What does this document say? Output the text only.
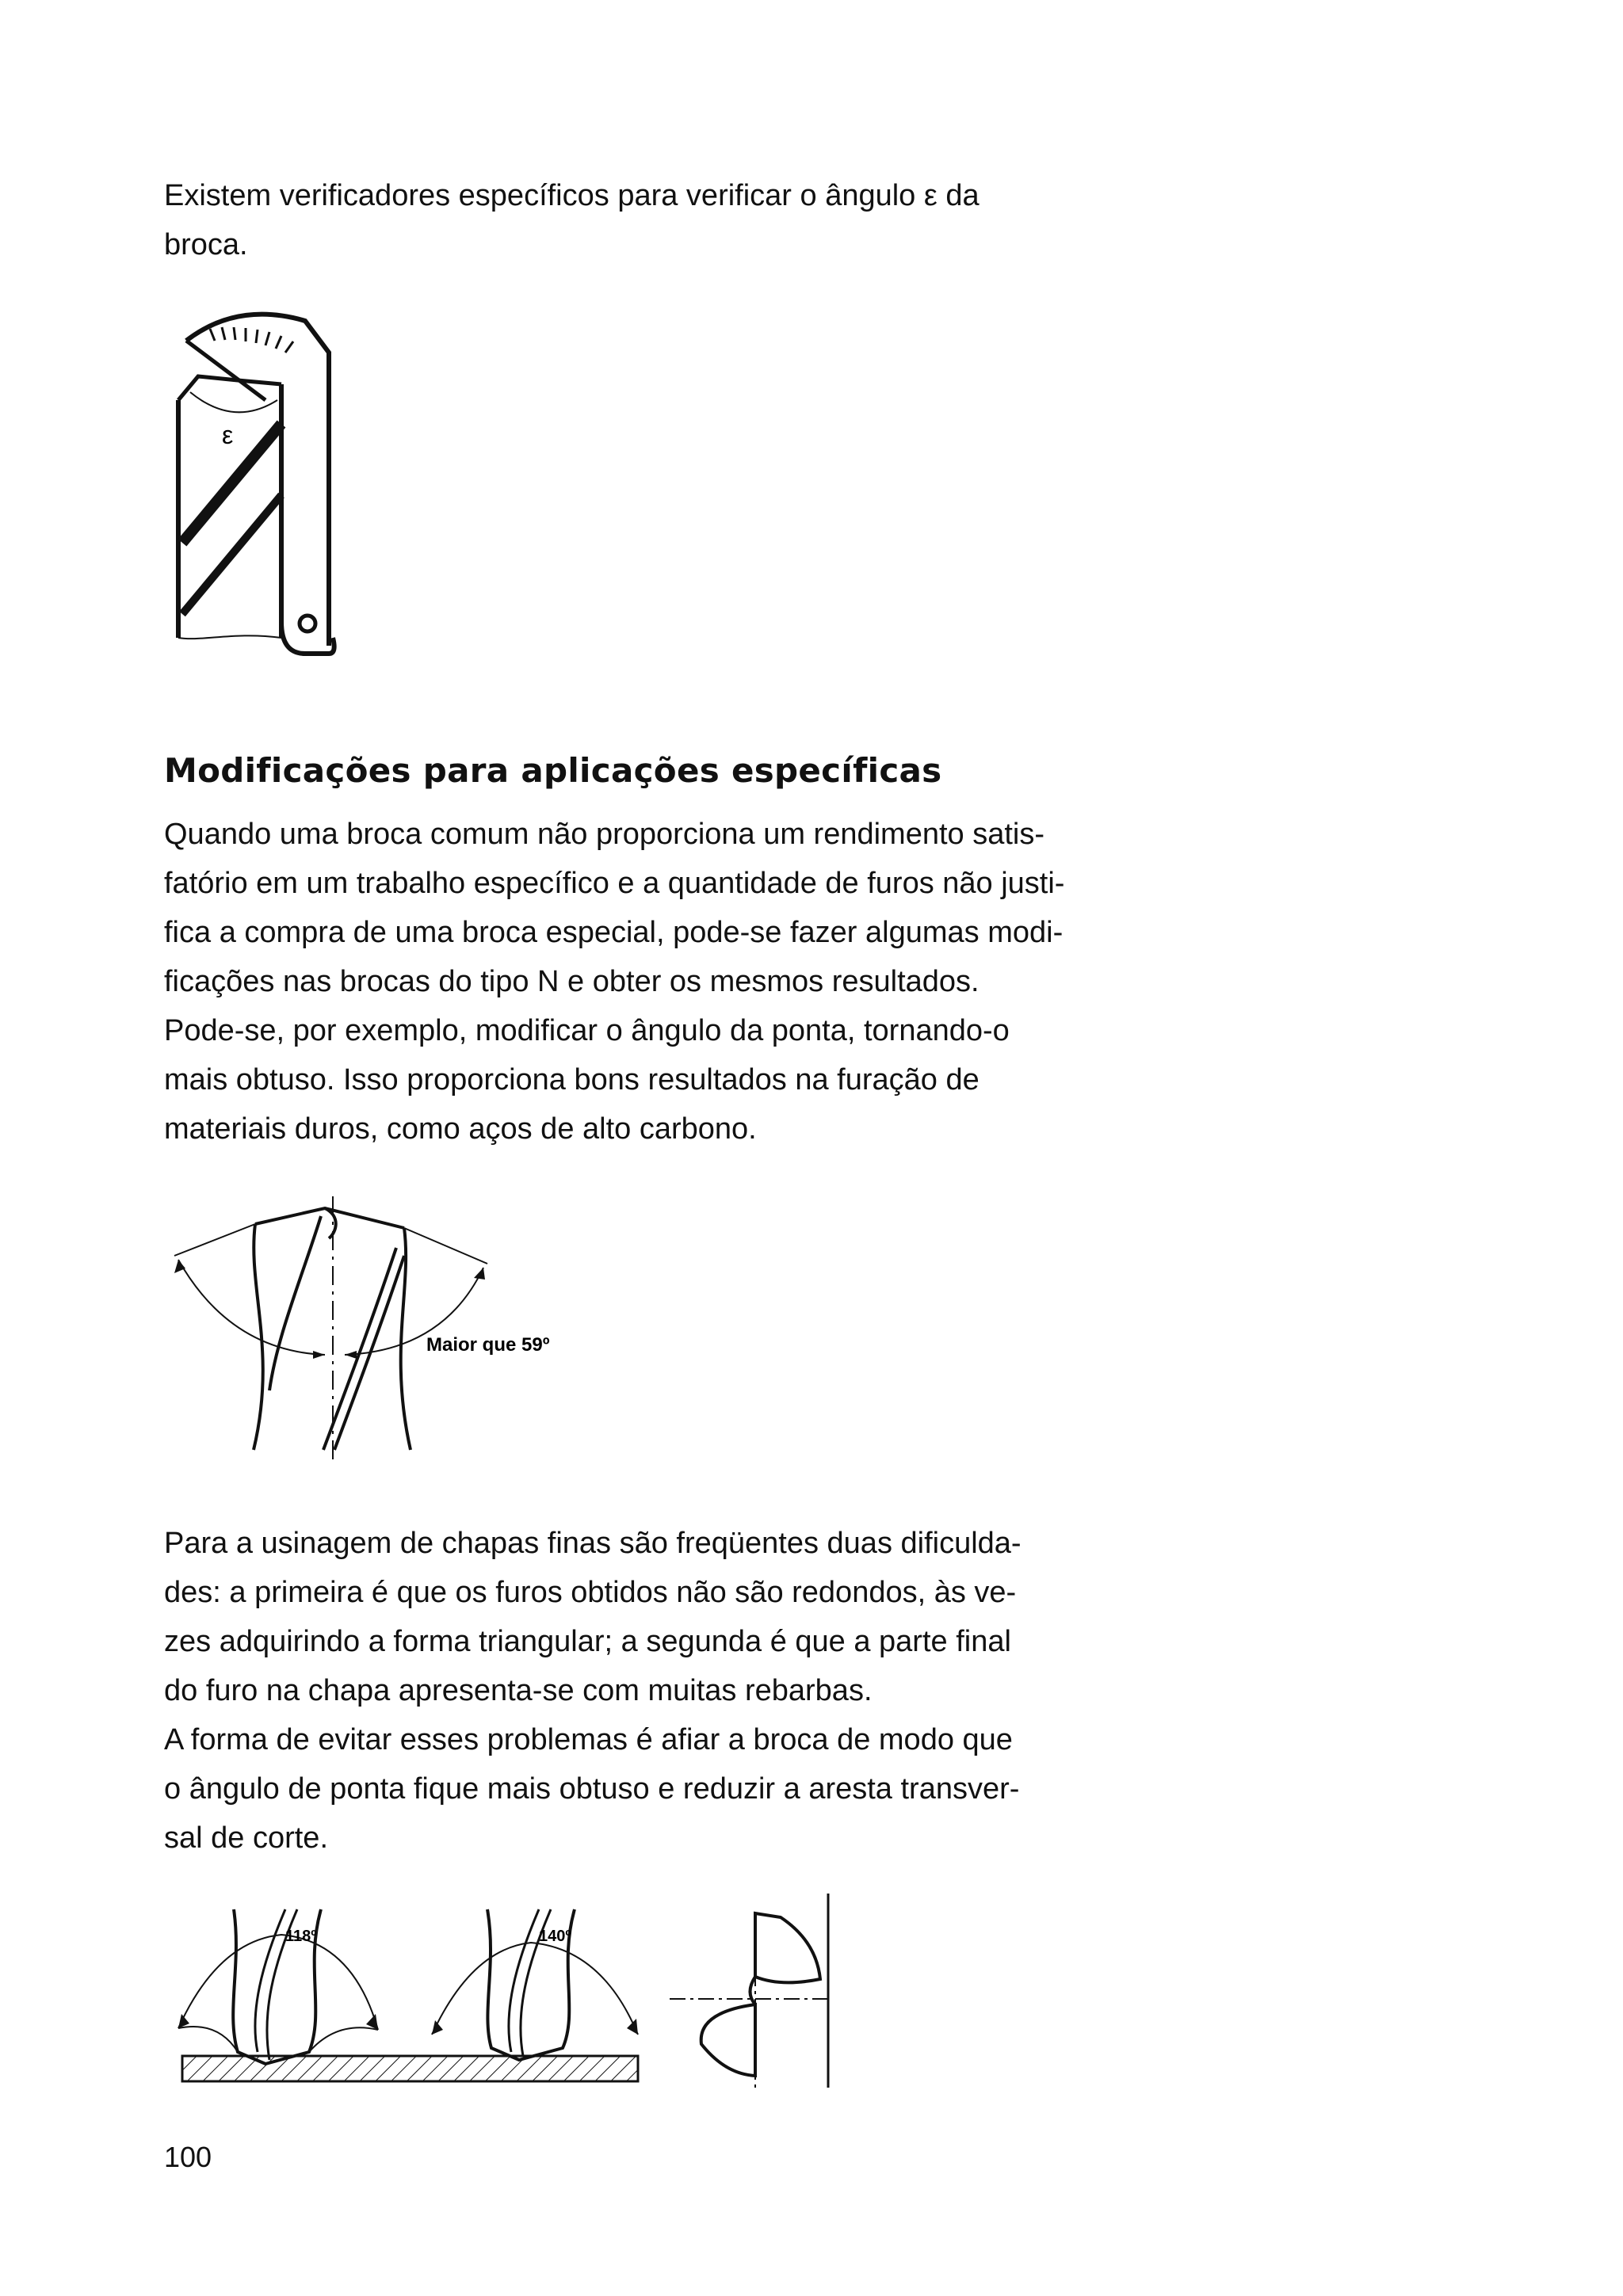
Existem verificadores específicos para verificar o ângulo ε da
broca.
ε
Modificações para aplicações específicas
Quando uma broca comum não proporciona um rendimento satis-
fatório em um trabalho específico e a quantidade de furos não justi-
fica a compra de uma broca especial, pode-se fazer algumas modi-
ficações nas brocas do tipo N e obter os mesmos resultados.
Pode-se, por exemplo, modificar o ângulo da ponta, tornando-o
mais obtuso. Isso proporciona bons resultados na furação de
materiais duros, como aços de alto carbono.
Maior que 59º
Para a usinagem de chapas finas são freqüentes duas dificulda-
des: a primeira é que os furos obtidos não são redondos, às ve-
zes adquirindo a forma triangular; a segunda é que a parte final
do furo na chapa apresenta-se com muitas rebarbas.
A forma de evitar esses problemas é afiar a broca de modo que
o ângulo de ponta fique mais obtuso e reduzir a aresta transver-
sal de corte.
118º	140º
100
